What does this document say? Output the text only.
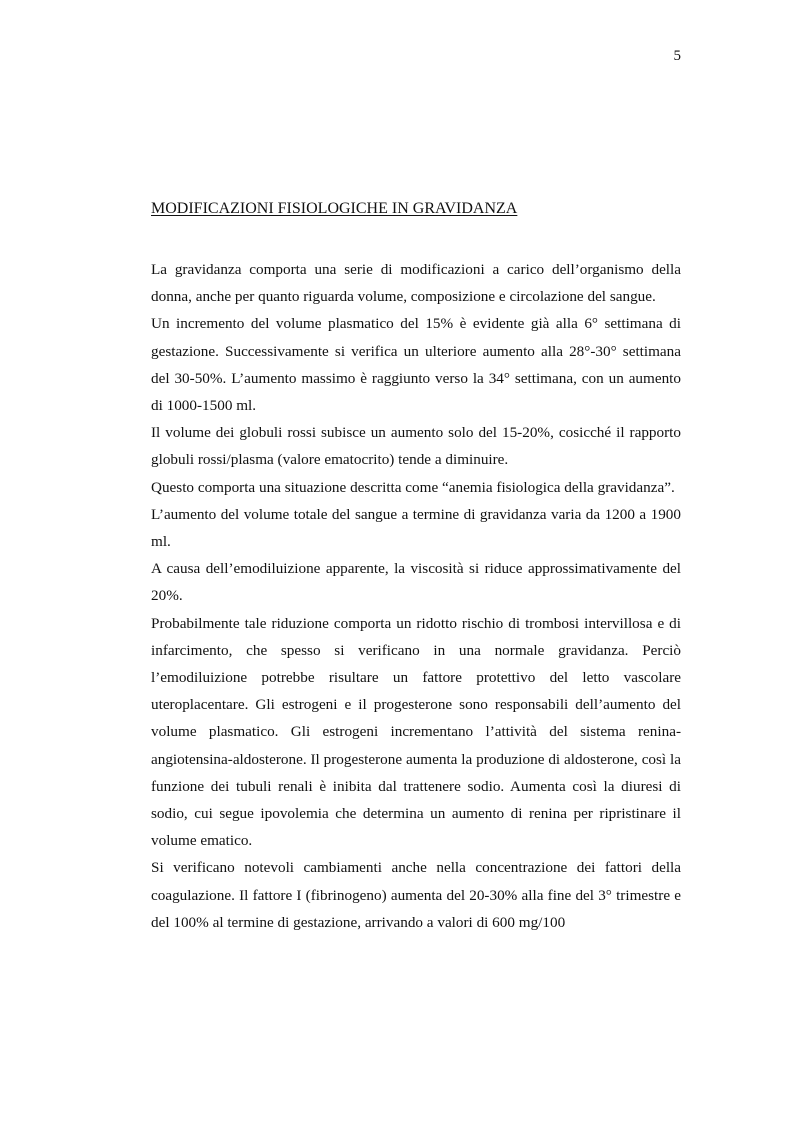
5
MODIFICAZIONI FISIOLOGICHE IN GRAVIDANZA

La gravidanza comporta una serie di modificazioni a carico dell’organismo della donna, anche per quanto riguarda volume, composizione e circolazione del sangue.

Un incremento del volume plasmatico del 15% è evidente già alla 6° settimana di gestazione. Successivamente si verifica un ulteriore aumento alla 28°-30° settimana del 30-50%. L’aumento massimo è raggiunto verso la 34° settimana, con un aumento di 1000-1500 ml.

Il volume dei globuli rossi subisce un aumento solo del 15-20%, cosicché il rapporto globuli rossi/plasma (valore ematocrito) tende a diminuire.

Questo comporta una situazione descritta come “anemia fisiologica della gravidanza”.

L’aumento del volume totale del sangue a termine di gravidanza varia da 1200 a 1900 ml.

A causa dell’emodiluizione apparente, la viscosità si riduce approssimativamente del 20%.

Probabilmente tale riduzione comporta un ridotto rischio di trombosi intervillosa e di infarcimento, che spesso si verificano in una normale gravidanza. Perciò l’emodiluizione potrebbe risultare un fattore protettivo del letto vascolare uteroplacentare. Gli estrogeni e il progesterone sono responsabili dell’aumento del volume plasmatico. Gli estrogeni incrementano l’attività del sistema renina-angiotensina-aldosterone. Il progesterone aumenta la produzione di aldosterone, così la funzione dei tubuli renali è inibita dal trattenere sodio. Aumenta così la diuresi di sodio, cui segue ipovolemia che determina un aumento di renina per ripristinare il volume ematico.

Si verificano notevoli cambiamenti anche nella concentrazione dei fattori della coagulazione. Il fattore I (fibrinogeno) aumenta del 20-30% alla fine del 3° trimestre e del 100% al termine di gestazione, arrivando a valori di 600 mg/100
